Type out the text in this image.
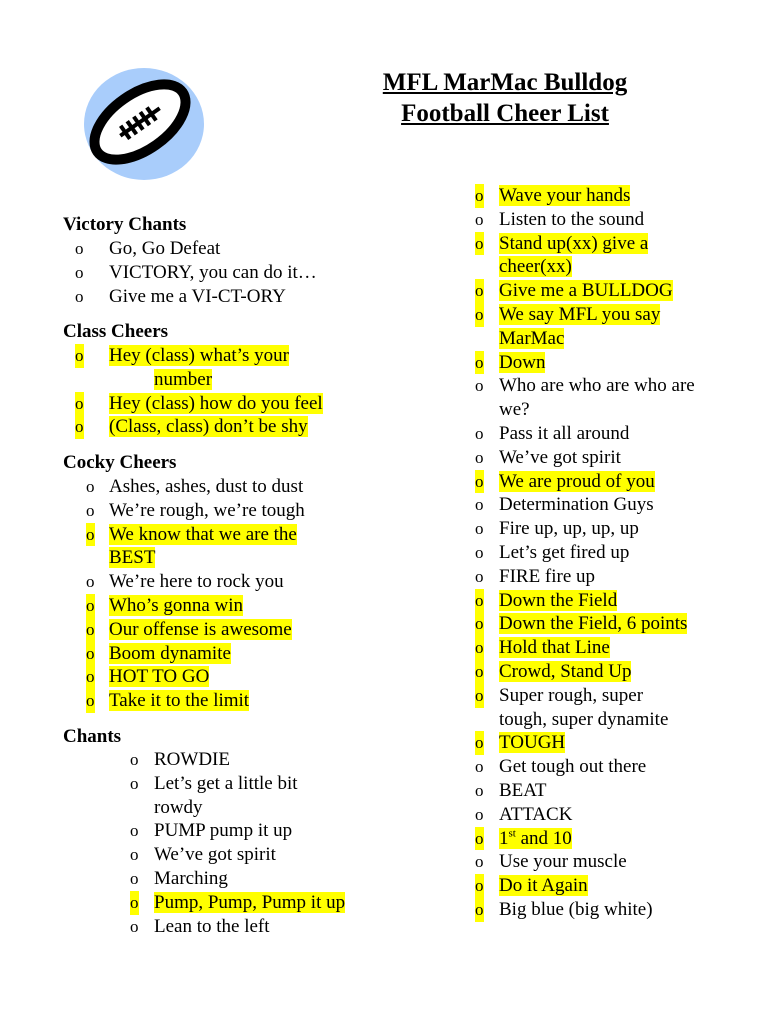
MFL MarMac Bulldog
Football Cheer List
Victory Chants
Class Cheers
Cocky Cheers
Chants
o	Go, Go Defeat
o	VICTORY, you can do it…
o	Give me a VI-CT-ORY
o	Hey (class) what’s your
number
o	Hey (class) how do you feel
o	(Class, class) don’t be shy
o Ashes, ashes, dust to dust
o We’re rough, we’re tough
o We know that we are the
BEST
o We’re here to rock you
o Who’s gonna win
o Our offense is awesome
o Boom dynamite
o HOT TO GO
o Take it to the limit
o ROWDIE
o Let’s get a little bit
rowdy
o PUMP pump it up
o We’ve got spirit
o Marching
o Pump, Pump, Pump it up
o Lean to the left
o Wave your hands
o Listen to the sound
o Stand up(xx) give a
cheer(xx)
o Give me a BULLDOG
o We say MFL you say
MarMac
o Down
o Who are who are who are
we?
o Pass it all around
o We’ve got spirit
o We are proud of you
o Determination Guys
o Fire up, up, up, up
o Let’s get fired up
o FIRE fire up
o Down the Field
o Down the Field, 6 points
o Hold that Line
o Crowd, Stand Up
o Super rough, super
tough, super dynamite
o TOUGH
o Get tough out there
o BEAT
o ATTACK
o 1st and 10
o Use your muscle
o Do it Again
o Big blue (big white)
